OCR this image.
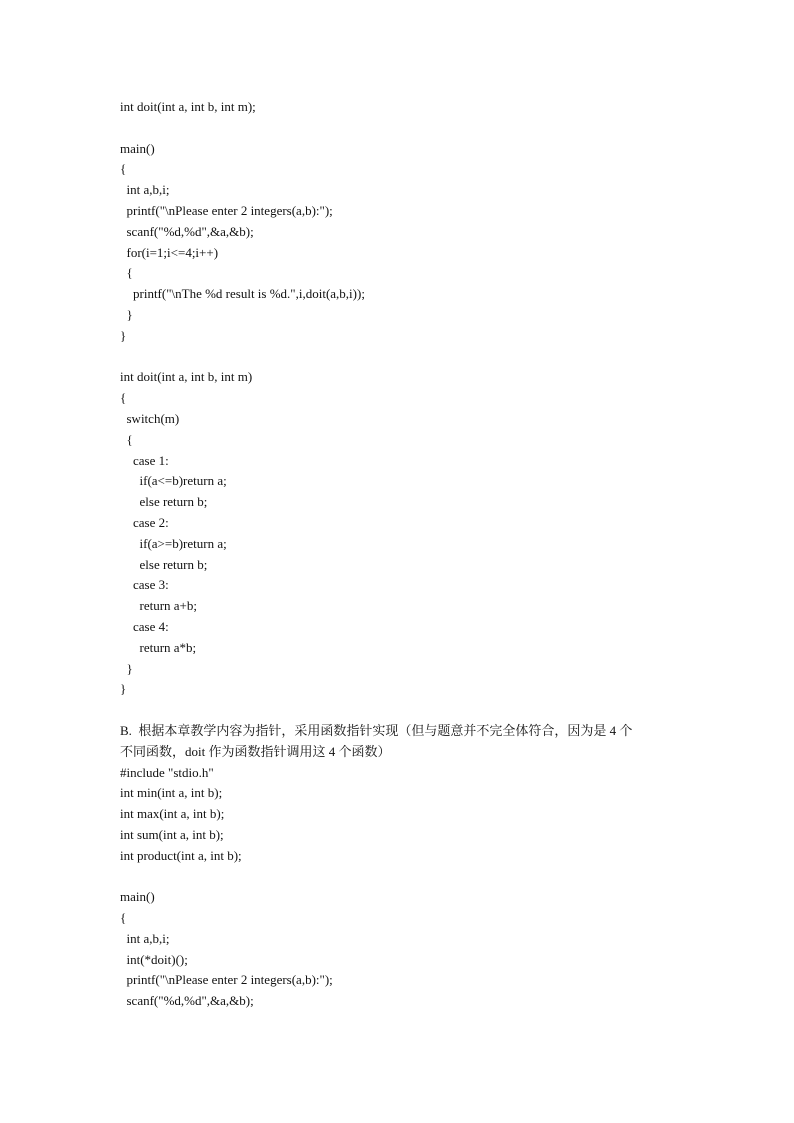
int doit(int a, int b, int m);
main()
{
int a,b,i;
printf("\nPlease enter 2 integers(a,b):");
scanf("%d,%d",&a,&b);
for(i=1;i<=4;i++)
{
printf("\nThe %d result is %d.",i,doit(a,b,i));
}
}
int doit(int a, int b, int m)
{
switch(m)
{
case 1:
if(a<=b)return a;
else return b;
case 2:
if(a>=b)return a;
else return b;
case 3:
return a+b;
case 4:
return a*b;
}
}
B.  根据本章教学内容为指针，采用函数指针实现（但与题意并不完全体符合，因为是 4 个
不同函数，doit 作为函数指针调用这 4 个函数）
#include "stdio.h"
int min(int a, int b);
int max(int a, int b);
int sum(int a, int b);
int product(int a, int b);
main()
{
int a,b,i;
int(*doit)();
printf("\nPlease enter 2 integers(a,b):");
scanf("%d,%d",&a,&b);
